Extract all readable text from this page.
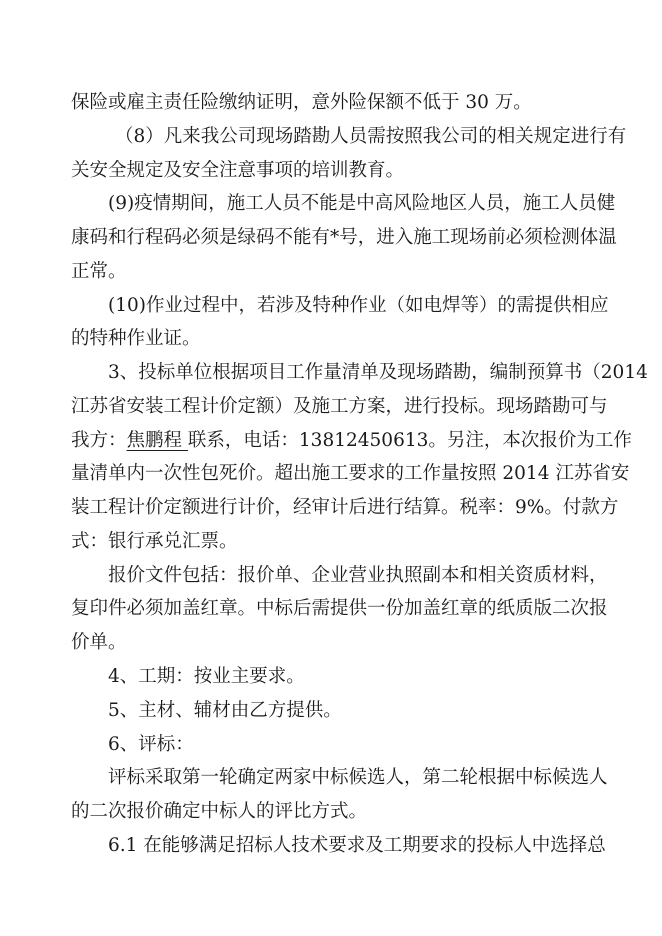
保险或雇主责任险缴纳证明，意外险保额不低于 30 万。
（8）凡来我公司现场踏勘人员需按照我公司的相关规定进行有
关安全规定及安全注意事项的培训教育。
(9)疫情期间，施工人员不能是中高风险地区人员，施工人员健
康码和行程码必须是绿码不能有*号，进入施工现场前必须检测体温
正常。
(10)作业过程中，若涉及特种作业（如电焊等）的需提供相应
的特种作业证。
3、投标单位根据项目工作量清单及现场踏勘，编制预算书（2014
江苏省安装工程计价定额）及施工方案，进行投标。现场踏勘可与
我方：焦鹏程 联系，电话：13812450613。另注，本次报价为工作
量清单内一次性包死价。超出施工要求的工作量按照 2014 江苏省安
装工程计价定额进行计价，经审计后进行结算。税率：9%。付款方
式：银行承兑汇票。
报价文件包括：报价单、企业营业执照副本和相关资质材料，
复印件必须加盖红章。中标后需提供一份加盖红章的纸质版二次报
价单。
4、工期：按业主要求。
5、主材、辅材由乙方提供。
6、评标：
评标采取第一轮确定两家中标候选人，第二轮根据中标候选人
的二次报价确定中标人的评比方式。
6.1 在能够满足招标人技术要求及工期要求的投标人中选择总
